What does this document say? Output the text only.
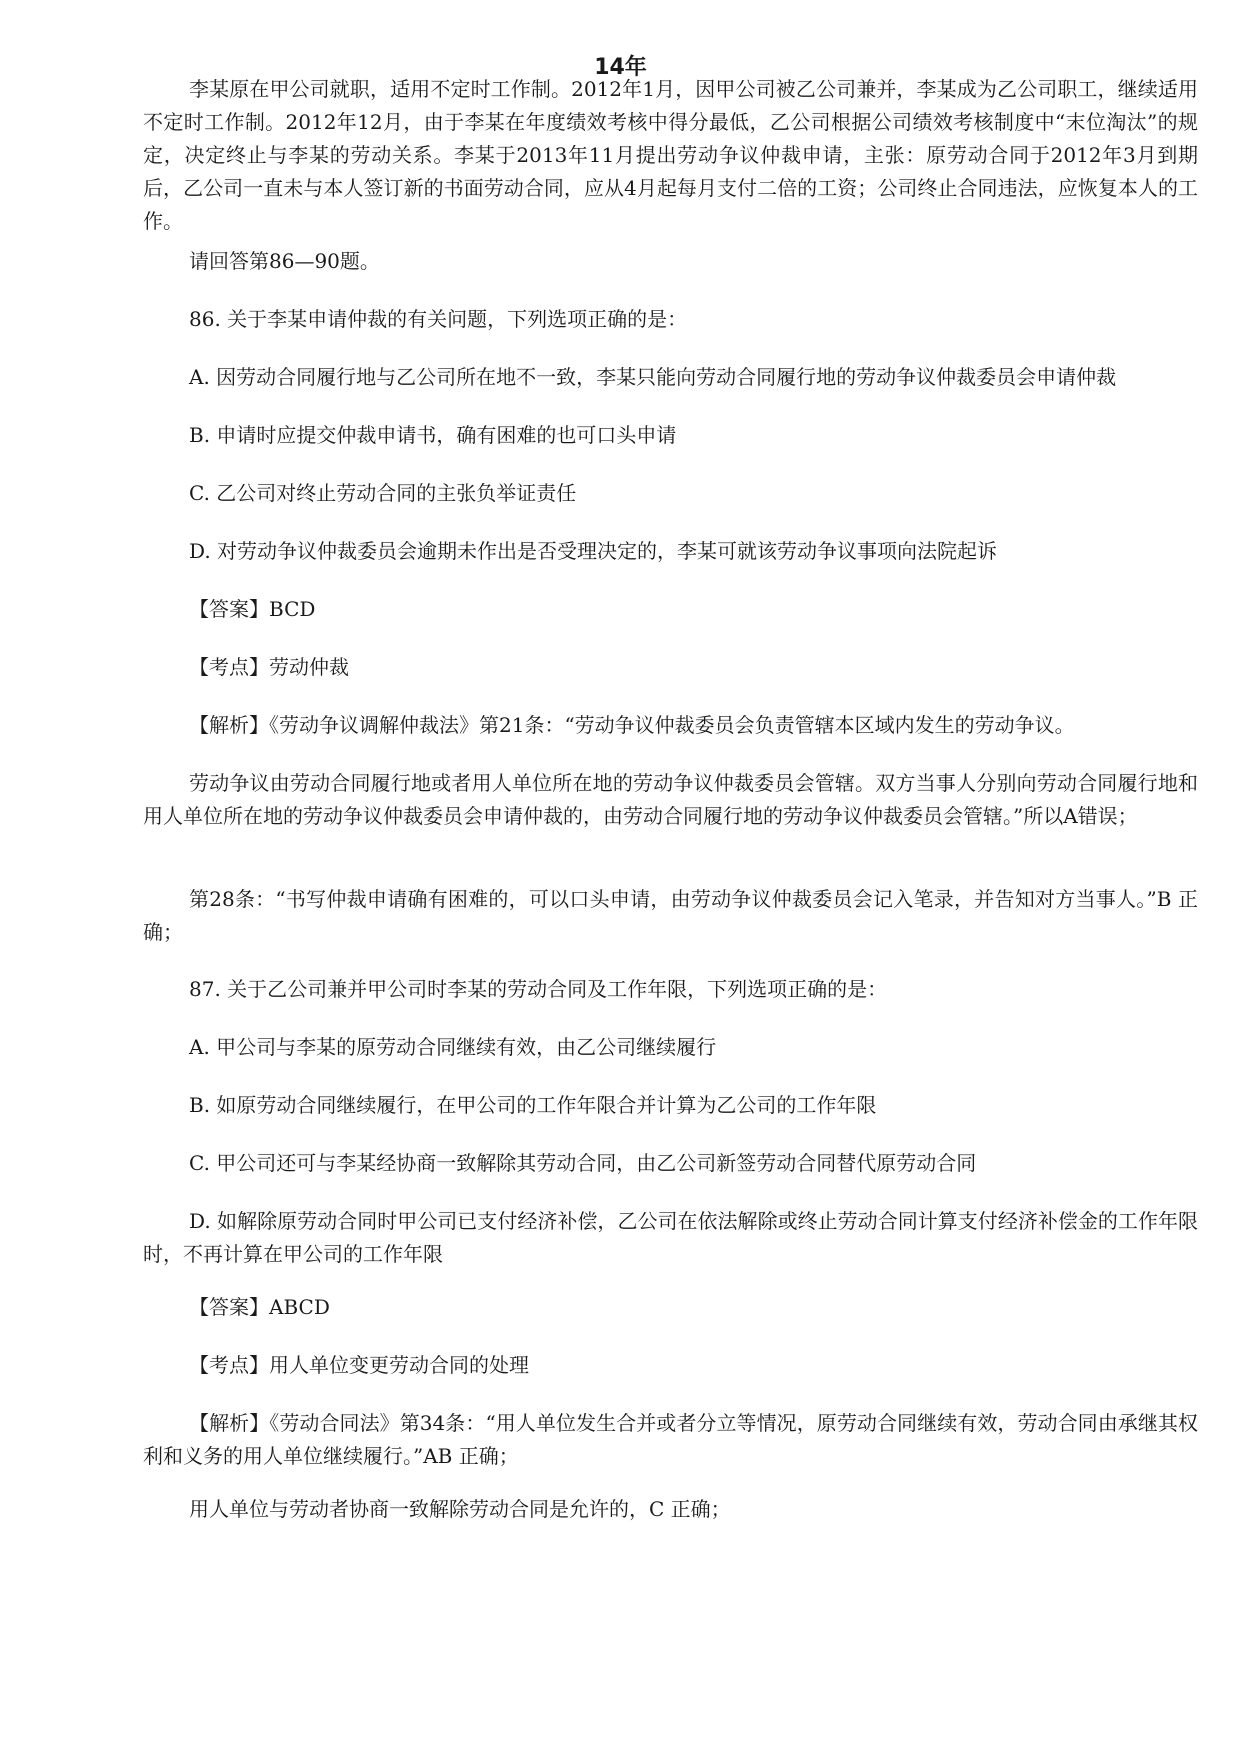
14年

李某原在甲公司就职，适用不定时工作制。2012年1月，因甲公司被乙公司兼并，李某成为乙公司职工，继续适用不定时工作制。2012年12月，由于李某在年度绩效考核中得分最低，乙公司根据公司绩效考核制度中“末位淘汰”的规定，决定终止与李某的劳动关系。李某于2013年11月提出劳动争议仲裁申请，主张：原劳动合同于2012年3月到期后，乙公司一直未与本人签订新的书面劳动合同，应从4月起每月支付二倍的工资；公司终止合同违法，应恢复本人的工作。

请回答第86—90题。

86. 关于李某申请仲裁的有关问题，下列选项正确的是：

A. 因劳动合同履行地与乙公司所在地不一致，李某只能向劳动合同履行地的劳动争议仲裁委员会申请仲裁

B. 申请时应提交仲裁申请书，确有困难的也可口头申请

C. 乙公司对终止劳动合同的主张负举证责任

D. 对劳动争议仲裁委员会逾期未作出是否受理决定的，李某可就该劳动争议事项向法院起诉

【答案】BCD

【考点】劳动仲裁

【解析】《劳动争议调解仲裁法》第21条：“劳动争议仲裁委员会负责管辖本区域内发生的劳动争议。

劳动争议由劳动合同履行地或者用人单位所在地的劳动争议仲裁委员会管辖。双方当事人分别向劳动合同履行地和用人单位所在地的劳动争议仲裁委员会申请仲裁的，由劳动合同履行地的劳动争议仲裁委员会管辖。”所以A错误；

第28条：“书写仲裁申请确有困难的，可以口头申请，由劳动争议仲裁委员会记入笔录，并告知对方当事人。”B 正确；

87. 关于乙公司兼并甲公司时李某的劳动合同及工作年限，下列选项正确的是：

A. 甲公司与李某的原劳动合同继续有效，由乙公司继续履行

B. 如原劳动合同继续履行，在甲公司的工作年限合并计算为乙公司的工作年限

C. 甲公司还可与李某经协商一致解除其劳动合同，由乙公司新签劳动合同替代原劳动合同

D. 如解除原劳动合同时甲公司已支付经济补偿，乙公司在依法解除或终止劳动合同计算支付经济补偿金的工作年限时，不再计算在甲公司的工作年限

【答案】ABCD

【考点】用人单位变更劳动合同的处理

【解析】《劳动合同法》第34条：“用人单位发生合并或者分立等情况，原劳动合同继续有效，劳动合同由承继其权利和义务的用人单位继续履行。”AB 正确；

用人单位与劳动者协商一致解除劳动合同是允许的，C 正确；
